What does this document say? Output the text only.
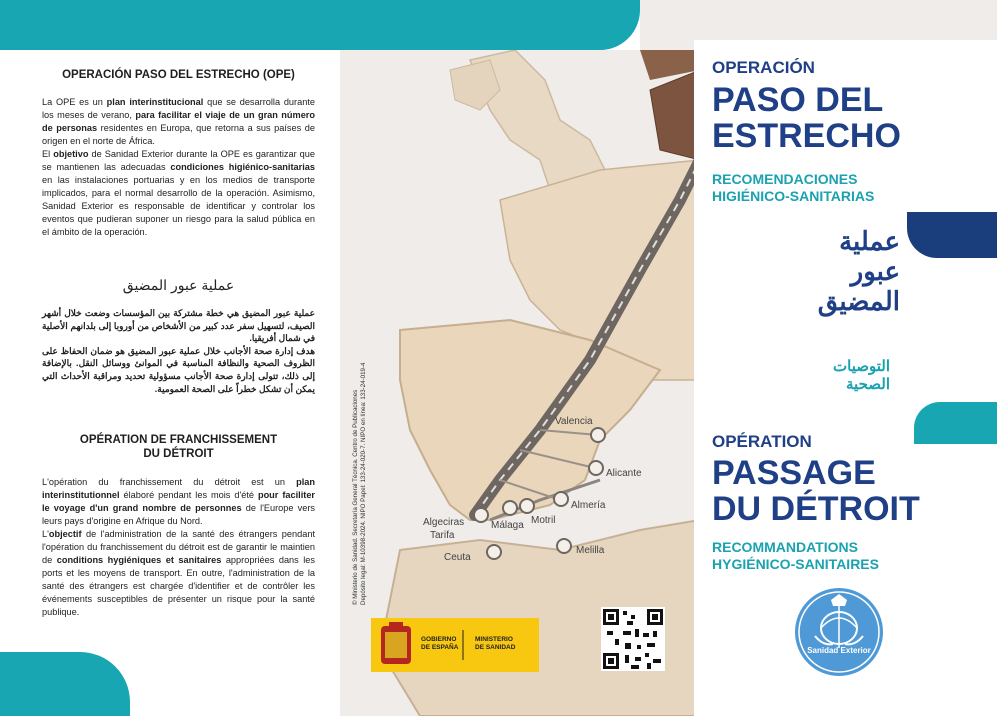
Valencia
Alicante
Almería
Motril
Málaga
Algeciras
Tarifa
Ceuta
Melilla
OPERACIÓN PASO DEL ESTRECHO (OPE)

La OPE es un plan interinstitucional que se desarrolla durante los meses de verano, para facilitar el viaje de un gran número de personas residentes en Europa, que retorna a sus países de origen en el norte de África.

El objetivo de Sanidad Exterior durante la OPE es garantizar que se mantienen las adecuadas condiciones higiénico-sanitarias en las instalaciones portuarias y en los medios de transporte implicados, para el normal desarrollo de la operación. Asimismo, Sanidad Exterior es responsable de identificar y controlar los eventos que pudieran suponer un riesgo para la salud pública en el ámbito de la operación.

عملية عبور المضيق

عملية عبور المضيق هي خطة مشتركة بين المؤسسات وضعت خلال أشهر الصيف، لتسهيل سفر عدد كبير من الأشخاص من أوروبا إلى بلدانهم الأصلية في شمال أفريقيا.

هدف إدارة صحة الأجانب خلال عملية عبور المضيق هو ضمان الحفاظ على الظروف الصحية والنظافة المناسبة في الموانئ ووسائل النقل. بالإضافة إلى ذلك، تتولى إدارة صحة الأجانب مسؤولية تحديد ومراقبة الأحداث التي يمكن أن تشكل خطراً على الصحة العمومية.

OPÉRATION DE FRANCHISSEMENT
DU DÉTROIT

L'opération du franchissement du détroit est un plan interinstitutionnel élaboré pendant les mois d'été pour faciliter le voyage d'un grand nombre de personnes de l'Europe vers leurs pays d'origine en Afrique du Nord.

L'objectif de l'administration de la santé des étrangers pendant l'opération du franchissement du détroit est de garantir le maintien de conditions hygiéniques et sanitaires appropriées dans les ports et les moyens de transport. En outre, l'administration de la santé des étrangers est chargée d'identifier et de contrôler les événements susceptibles de présenter un risque pour la santé publique.

© Ministerio de Sanidad. Secretaría General Técnica. Centro de Publicaciones Depósito legal: M-10398-2024. NIPO Papel: 133-24-020-7. NIPO en línea: 133-24-019-4
GOBIERNO
DE ESPAÑA
MINISTERIO
DE SANIDAD
OPERACIÓN
PASO DEL
ESTRECHO
RECOMENDACIONES
HIGIÉNICO-SANITARIAS
عملية
عبور
المضيق
التوصيات
الصحية
OPÉRATION
PASSAGE
DU DÉTROIT
RECOMMANDATIONS
HYGIÉNICO-SANITAIRES
Sanidad Exterior
